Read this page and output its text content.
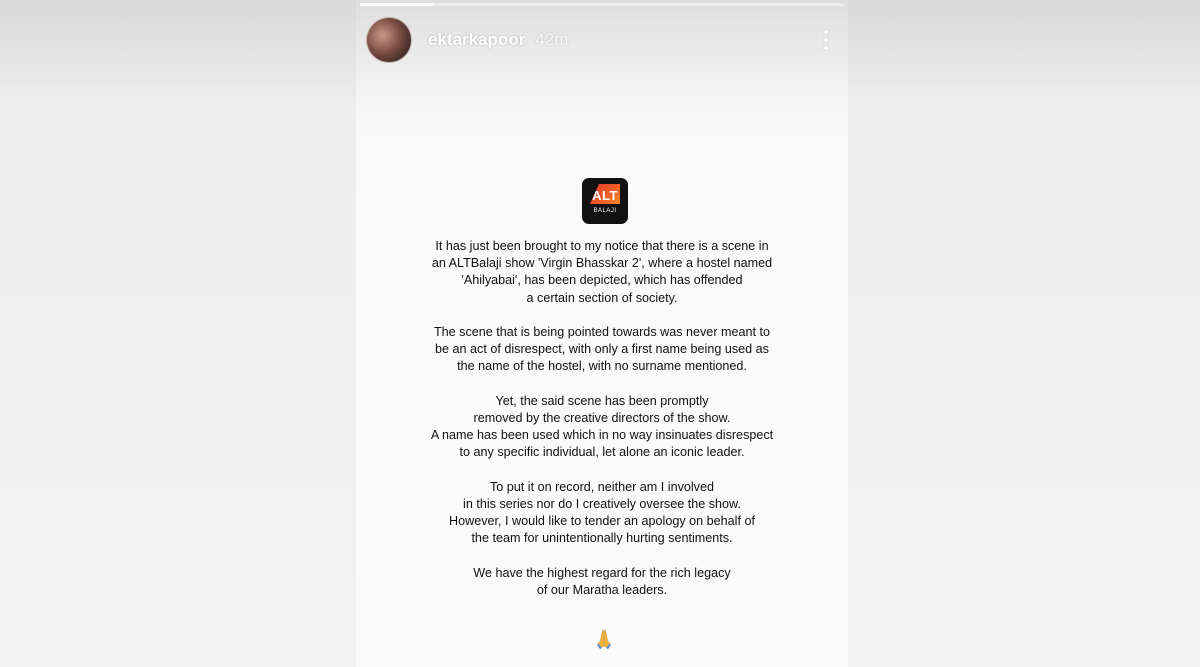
ektarkapoor 42m
ALT
BALAJI
It has just been brought to my notice that there is a scene in
an ALTBalaji show 'Virgin Bhasskar 2', where a hostel named
'Ahilyabai', has been depicted, which has offended
a certain section of society.
The scene that is being pointed towards was never meant to
be an act of disrespect, with only a first name being used as
the name of the hostel, with no surname mentioned.
Yet, the said scene has been promptly
removed by the creative directors of the show.
A name has been used which in no way insinuates disrespect
to any specific individual, let alone an iconic leader.
To put it on record, neither am I involved
in this series nor do I creatively oversee the show.
However, I would like to tender an apology on behalf of
the team for unintentionally hurting sentiments.
We have the highest regard for the rich legacy
of our Maratha leaders.
